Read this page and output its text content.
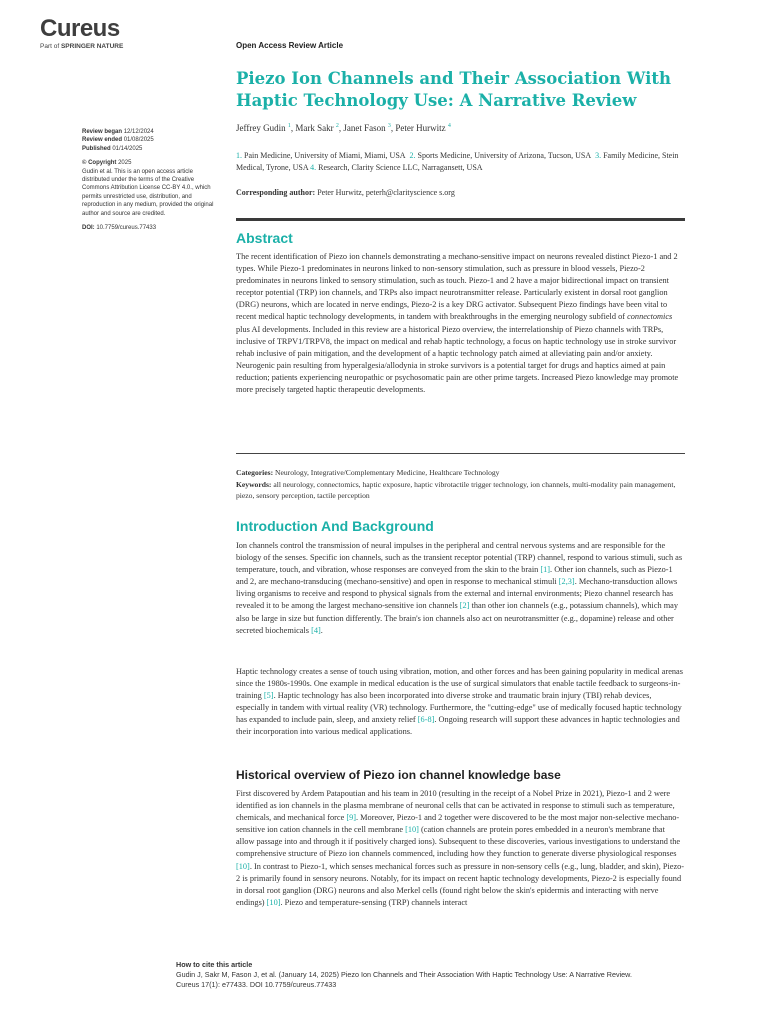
Cureus
Part of SPRINGER NATURE	Open Access Review Article
Piezo Ion Channels and Their Association With Haptic Technology Use: A Narrative Review
Jeffrey Gudin $^1$, Mark Sakr $^2$, Janet Fason $^3$, Peter Hurwitz $^4$
1. Pain Medicine, University of Miami, Miami, USA 2. Sports Medicine, University of Arizona, Tucson, USA 3. Family Medicine, Stein Medical, Tyrone, USA 4. Research, Clarity Science LLC, Narragansett, USA
Corresponding author: Peter Hurwitz, peterh@clarityscience s.org
Review began 12/12/2024
Review ended 01/08/2025
Published 01/14/2025
© Copyright 2025
Gudin et al. This is an open access article distributed under the terms of the Creative Commons Attribution License CC-BY 4.0., which permits unrestricted use, distribution, and reproduction in any medium, provided the original author and source are credited.
DOI: 10.7759/cureus.77433
Abstract

The recent identification of Piezo ion channels demonstrating a mechano-sensitive impact on neurons revealed distinct Piezo-1 and 2 types. While Piezo-1 predominates in neurons linked to non-sensory stimulation, such as pressure in blood vessels, Piezo-2 predominates in neurons linked to sensory stimulation, such as touch. Piezo-1 and 2 have a major bidirectional impact on transient receptor potential (TRP) ion channels, and TRPs also impact neurotransmitter release. Particularly existent in dorsal root ganglion (DRG) neurons, which are located in nerve endings, Piezo-2 is a key DRG activator. Subsequent Piezo findings have been vital to recent medical haptic technology developments, in tandem with breakthroughs in the emerging neurology subfield of connectomics plus AI developments. Included in this review are a historical Piezo overview, the interrelationship of Piezo channels with TRPs, inclusive of TRPV1/TRPV8, the impact on medical and rehab haptic technology, a focus on haptic technology use in stroke survivor rehab inclusive of pain mitigation, and the development of a haptic technology patch aimed at alleviating pain and/or anxiety. Neurogenic pain resulting from hyperalgesia/allodynia in stroke survivors is a potential target for drugs and haptics aimed at pain reduction; patients experiencing neuropathic or psychosomatic pain are other prime targets. Increased Piezo knowledge may promote more precisely targeted haptic therapeutic developments.

Categories: Neurology, Integrative/Complementary Medicine, Healthcare Technology
Keywords: all neurology, connectomics, haptic exposure, haptic vibrotactile trigger technology, ion channels, multi-modality pain management, piezo, sensory perception, tactile perception
Introduction And Background

Ion channels control the transmission of neural impulses in the peripheral and central nervous systems and are responsible for the biology of the senses. Specific ion channels, such as the transient receptor potential (TRP) channel, respond to various stimuli, such as temperature, touch, and vibration, whose responses are conveyed from the skin to the brain [1]. Other ion channels, such as Piezo-1 and 2, are mechano-transducing (mechano-sensitive) and open in response to mechanical stimuli [2,3]. Mechano-transduction allows living organisms to receive and respond to physical signals from the external and internal environments; Piezo channel research has revealed it to be among the largest mechano-sensitive ion channels [2] than other ion channels (e.g., potassium channels), which may also be large in size but function differently. The brain's ion channels also act on neurotransmitter (e.g., dopamine) release and other secreted biochemicals [4].

Haptic technology creates a sense of touch using vibration, motion, and other forces and has been gaining popularity in medical arenas since the 1980s-1990s. One example in medical education is the use of surgical simulators that enable tactile feedback to surgeons-in-training [5]. Haptic technology has also been incorporated into diverse stroke and traumatic brain injury (TBI) rehab devices, especially in tandem with virtual reality (VR) technology. Furthermore, the "cutting-edge" use of medically focused haptic technology has expanded to include pain, sleep, and anxiety relief [6-8]. Ongoing research will support these advances in haptic technologies and their incorporation into various medical applications.

Historical overview of Piezo ion channel knowledge base

First discovered by Ardem Patapoutian and his team in 2010 (resulting in the receipt of a Nobel Prize in 2021), Piezo-1 and 2 were identified as ion channels in the plasma membrane of neuronal cells that can be activated in response to stimuli such as temperature, chemicals, and mechanical force [9]. Moreover, Piezo-1 and 2 together were discovered to be the most major non-selective mechano-sensitive ion cation channels in the cell membrane [10] (cation channels are protein pores embedded in a neuron's membrane that allow passage into and through it if positively charged ions). Subsequent to these discoveries, various investigations to understand the comprehensive structure of Piezo ion channels commenced, including how they function to generate diverse physiological responses [10]. In contrast to Piezo-1, which senses mechanical forces such as pressure in non-sensory cells (e.g., lung, bladder, and skin), Piezo-2 is primarily found in sensory neurons. Notably, for its impact on recent haptic technology developments, Piezo-2 is especially found in dorsal root ganglion (DRG) neurons and also Merkel cells (found right below the skin's epidermis and interacting with nerve endings) [10]. Piezo and temperature-sensing (TRP) channels interact

How to cite this article
Gudin J, Sakr M, Fason J, et al. (January 14, 2025) Piezo Ion Channels and Their Association With Haptic Technology Use: A Narrative Review.
Cureus 17(1): e77433. DOI 10.7759/cureus.77433
